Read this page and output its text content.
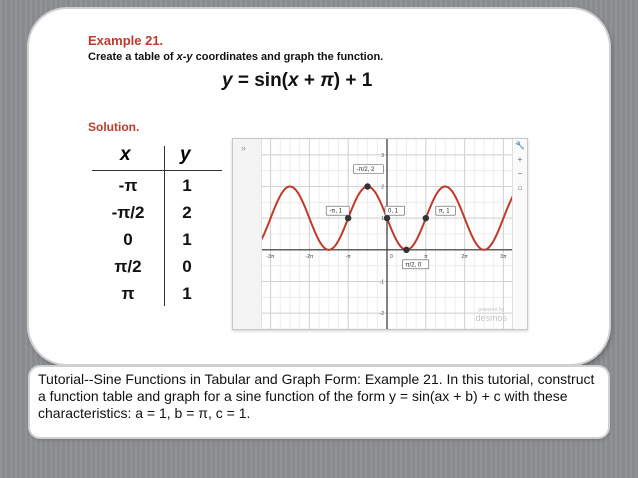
Example 21.
Create a table of x-y coordinates and graph the function.
y = sin(x + π) + 1
Solution.
x	y
-π	1
-π/2	2
0	1
π/2	0
π	1
-3π	-2π	-π	π	2π	3π
0
3
2
1
-1
-2
-π, 1
-π/2, 2
0, 1
π/2, 0
π, 1
»	🔧
+
−
⌂
powered by
desmos
Tutorial--Sine Functions in Tabular and Graph Form: Example 21. In this tutorial, construct a function table and graph for a sine function of the form y = sin(ax + b) + c with these characteristics: a = 1, b = π, c = 1.
